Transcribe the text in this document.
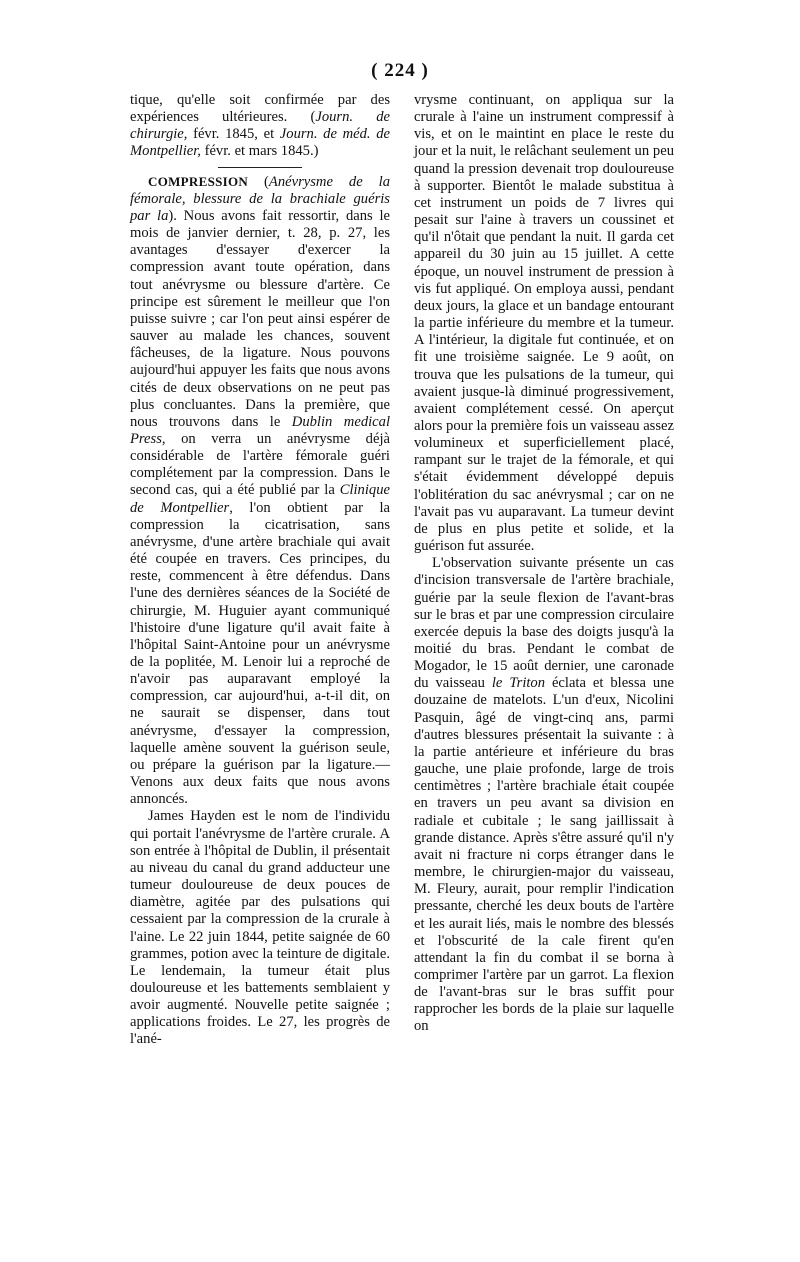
( 224 )

tique, qu'elle soit confirmée par des expériences ultérieures. (Journ. de chirurgie, févr. 1845, et Journ. de méd. de Montpellier, févr. et mars 1845.)

COMPRESSION (Anévrysme de la fémorale, blessure de la brachiale guéris par la). Nous avons fait ressortir, dans le mois de janvier dernier, t. 28, p. 27, les avantages d'essayer d'exercer la compression avant toute opération, dans tout anévrysme ou blessure d'artère. Ce principe est sûrement le meilleur que l'on puisse suivre ; car l'on peut ainsi espérer de sauver au malade les chances, souvent fâcheuses, de la ligature. Nous pouvons aujourd'hui appuyer les faits que nous avons cités de deux observations on ne peut pas plus concluantes. Dans la première, que nous trouvons dans le Dublin medical Press, on verra un anévrysme déjà considérable de l'artère fémorale guéri complétement par la compression. Dans le second cas, qui a été publié par la Clinique de Montpellier, l'on obtient par la compression la cicatrisation, sans anévrysme, d'une artère brachiale qui avait été coupée en travers. Ces principes, du reste, commencent à être défendus. Dans l'une des dernières séances de la Société de chirurgie, M. Huguier ayant communiqué l'histoire d'une ligature qu'il avait faite à l'hôpital Saint-Antoine pour un anévrysme de la poplitée, M. Lenoir lui a reproché de n'avoir pas auparavant employé la compression, car aujourd'hui, a-t-il dit, on ne saurait se dispenser, dans tout anévrysme, d'essayer la compression, laquelle amène souvent la guérison seule, ou prépare la guérison par la ligature.—Venons aux deux faits que nous avons annoncés.

James Hayden est le nom de l'individu qui portait l'anévrysme de l'artère crurale. A son entrée à l'hôpital de Dublin, il présentait au niveau du canal du grand adducteur une tumeur douloureuse de deux pouces de diamètre, agitée par des pulsations qui cessaient par la compression de la crurale à l'aine. Le 22 juin 1844, petite saignée de 60 grammes, potion avec la teinture de digitale. Le lendemain, la tumeur était plus douloureuse et les battements semblaient y avoir augmenté. Nouvelle petite saignée ; applications froides. Le 27, les progrès de l'ané-

vrysme continuant, on appliqua sur la crurale à l'aine un instrument compressif à vis, et on le maintint en place le reste du jour et la nuit, le relâchant seulement un peu quand la pression devenait trop douloureuse à supporter. Bientôt le malade substitua à cet instrument un poids de 7 livres qui pesait sur l'aine à travers un coussinet et qu'il n'ôtait que pendant la nuit. Il garda cet appareil du 30 juin au 15 juillet. A cette époque, un nouvel instrument de pression à vis fut appliqué. On employa aussi, pendant deux jours, la glace et un bandage entourant la partie inférieure du membre et la tumeur. A l'intérieur, la digitale fut continuée, et on fit une troisième saignée. Le 9 août, on trouva que les pulsations de la tumeur, qui avaient jusque-là diminué progressivement, avaient complétement cessé. On aperçut alors pour la première fois un vaisseau assez volumineux et superficiellement placé, rampant sur le trajet de la fémorale, et qui s'était évidemment développé depuis l'oblitération du sac anévrysmal ; car on ne l'avait pas vu auparavant. La tumeur devint de plus en plus petite et solide, et la guérison fut assurée.

L'observation suivante présente un cas d'incision transversale de l'artère brachiale, guérie par la seule flexion de l'avant-bras sur le bras et par une compression circulaire exercée depuis la base des doigts jusqu'à la moitié du bras. Pendant le combat de Mogador, le 15 août dernier, une caronade du vaisseau le Triton éclata et blessa une douzaine de matelots. L'un d'eux, Nicolini Pasquin, âgé de vingt-cinq ans, parmi d'autres blessures présentait la suivante : à la partie antérieure et inférieure du bras gauche, une plaie profonde, large de trois centimètres ; l'artère brachiale était coupée en travers un peu avant sa division en radiale et cubitale ; le sang jaillissait à grande distance. Après s'être assuré qu'il n'y avait ni fracture ni corps étranger dans le membre, le chirurgien-major du vaisseau, M. Fleury, aurait, pour remplir l'indication pressante, cherché les deux bouts de l'artère et les aurait liés, mais le nombre des blessés et l'obscurité de la cale firent qu'en attendant la fin du combat il se borna à comprimer l'artère par un garrot. La flexion de l'avant-bras sur le bras suffit pour rapprocher les bords de la plaie sur laquelle on
